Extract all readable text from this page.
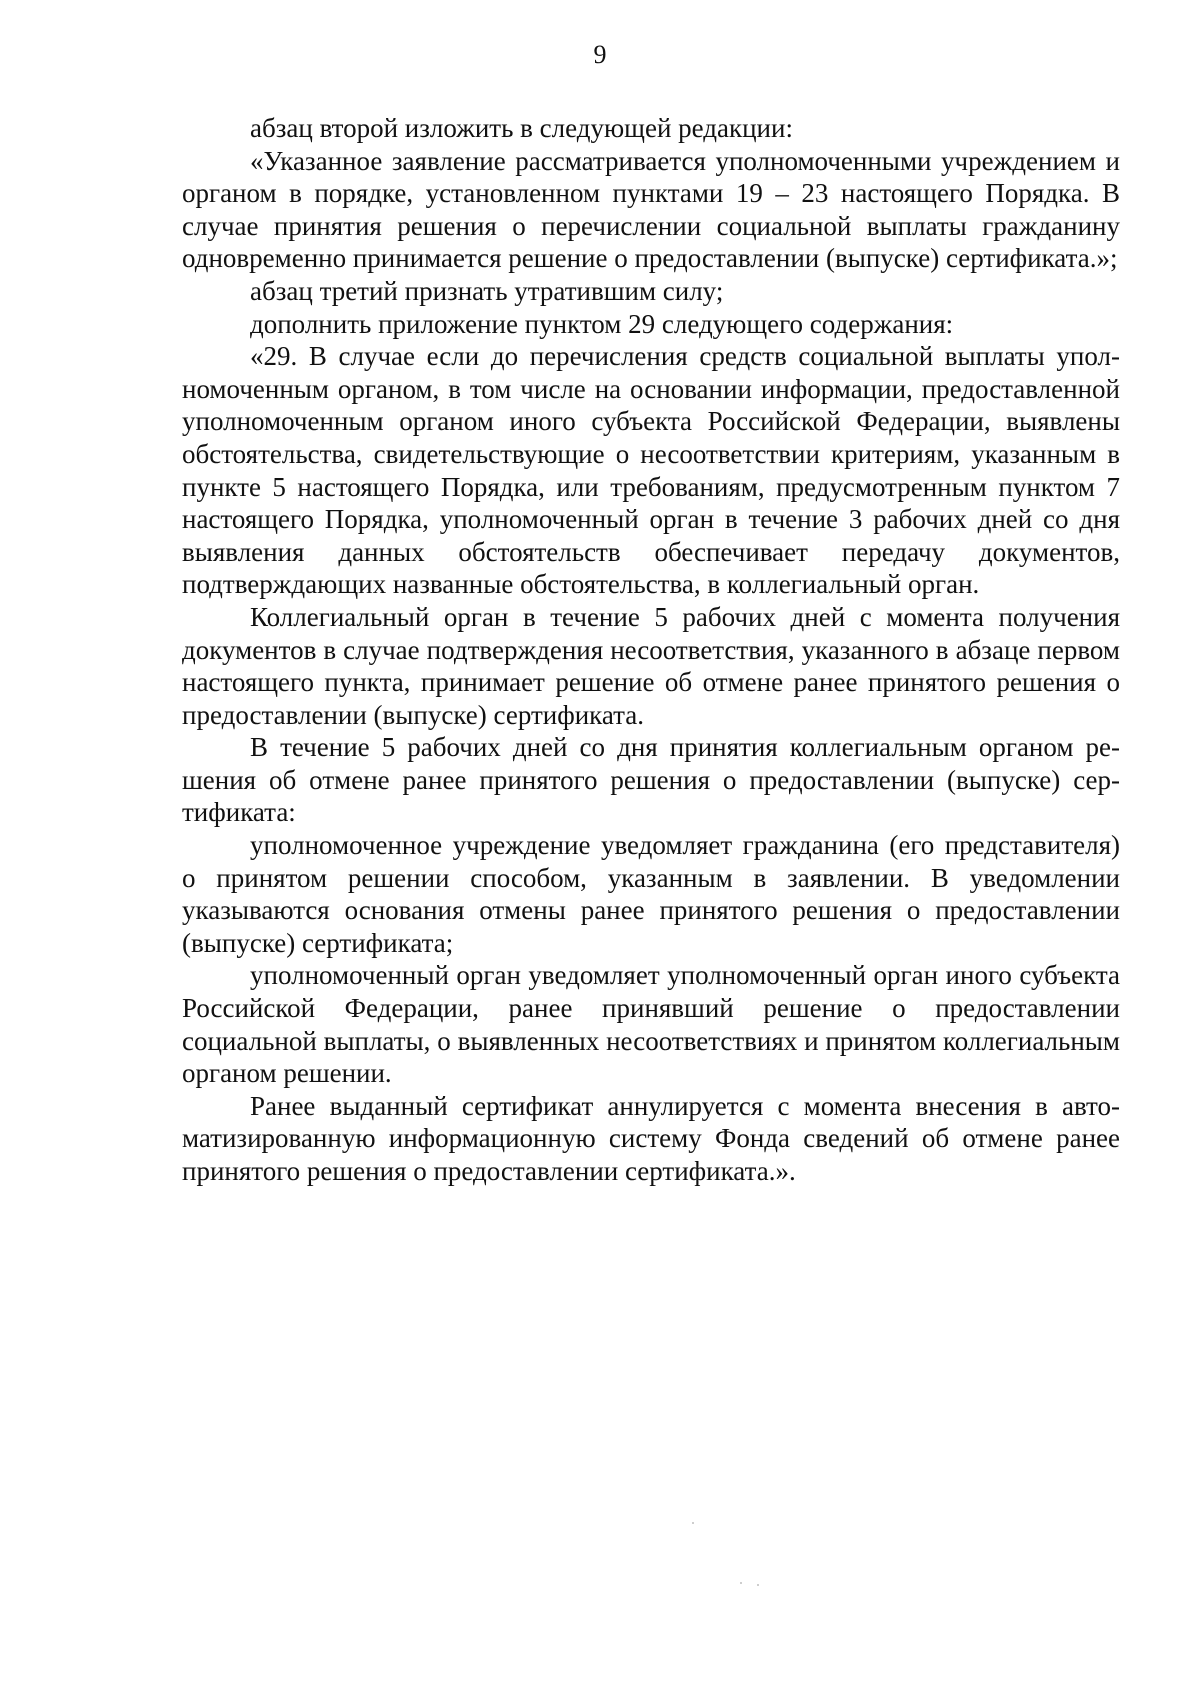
9

абзац второй изложить в следующей редакции:

«Указанное заявление рассматривается уполномоченными учреждением и органом в порядке, установленном пунктами 19 – 23 настоящего Порядка. В случае принятия решения о перечислении социальной выплаты гражданину одновременно принимается решение о предоставлении (выпуске) сертификата.»;

абзац третий признать утратившим силу;

дополнить приложение пунктом 29 следующего содержания:

«29. В случае если до перечисления средств социальной выплаты уполномоченным органом, в том числе на основании информации, предоставленной уполномоченным органом иного субъекта Российской Федерации, выявлены обстоятельства, свидетельствующие о несоответствии критериям, указанным в пункте 5 настоящего Порядка, или требованиям, предусмотренным пунктом 7 настоящего Порядка, уполномоченный орган в течение 3 рабочих дней со дня выявления данных обстоятельств обеспечивает передачу документов, подтверждающих названные обстоятельства, в коллегиальный орган.

Коллегиальный орган в течение 5 рабочих дней с момента получения документов в случае подтверждения несоответствия, указанного в абзаце первом настоящего пункта, принимает решение об отмене ранее принятого решения о предоставлении (выпуске) сертификата.

В течение 5 рабочих дней со дня принятия коллегиальным органом решения об отмене ранее принятого решения о предоставлении (выпуске) сертификата:

уполномоченное учреждение уведомляет гражданина (его представителя) о принятом решении способом, указанным в заявлении. В уведомлении указываются основания отмены ранее принятого решения о предоставлении (выпуске) сертификата;

уполномоченный орган уведомляет уполномоченный орган иного субъекта Российской Федерации, ранее принявший решение о предоставлении социальной выплаты, о выявленных несоответствиях и принятом коллегиальным органом решении.

Ранее выданный сертификат аннулируется с момента внесения в автоматизированную информационную систему Фонда сведений об отмене ранее принятого решения о предоставлении сертификата.».
